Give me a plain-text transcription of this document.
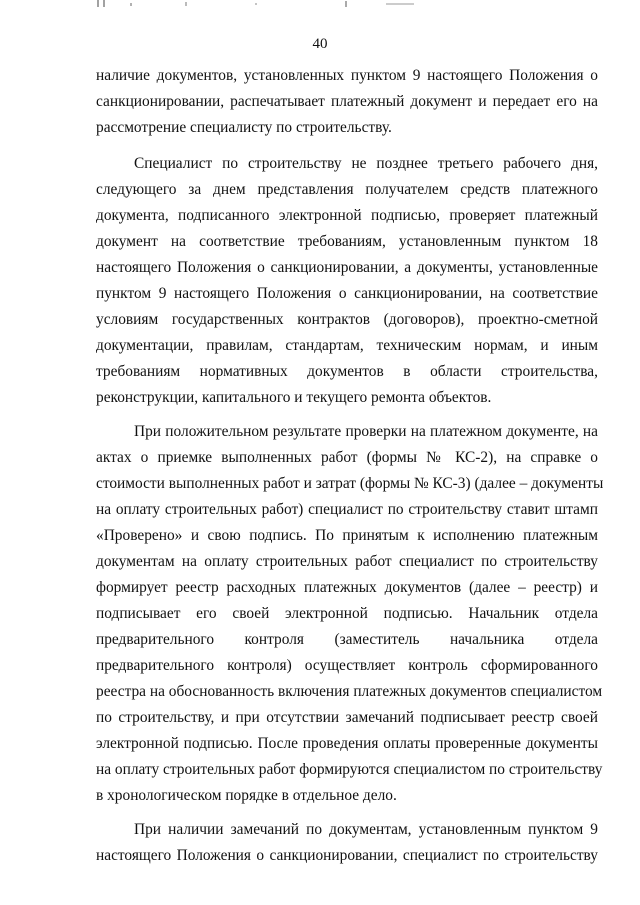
40
наличие документов, установленных пунктом 9 настоящего Положения о
санкционировании, распечатывает платежный документ и передает его на
рассмотрение специалисту по строительству.
Специалист по строительству не позднее третьего рабочего дня,
следующего за днем представления получателем средств платежного
документа, подписанного электронной подписью, проверяет платежный
документ на соответствие требованиям, установленным пунктом 18
настоящего Положения о санкционировании, а документы, установленные
пунктом 9 настоящего Положения о санкционировании, на соответствие
условиям государственных контрактов (договоров), проектно-сметной
документации, правилам, стандартам, техническим нормам, и иным
требованиям нормативных документов в области строительства,
реконструкции, капитального и текущего ремонта объектов.
При положительном результате проверки на платежном документе, на
актах о приемке выполненных работ (формы № КС-2), на справке о
стоимости выполненных работ и затрат (формы № КС-3) (далее – документы
на оплату строительных работ) специалист по строительству ставит штамп
«Проверено» и свою подпись. По принятым к исполнению платежным
документам на оплату строительных работ специалист по строительству
формирует реестр расходных платежных документов (далее – реестр) и
подписывает его своей электронной подписью. Начальник отдела
предварительного контроля (заместитель начальника отдела
предварительного контроля) осуществляет контроль сформированного
реестра на обоснованность включения платежных документов специалистом
по строительству, и при отсутствии замечаний подписывает реестр своей
электронной подписью. После проведения оплаты проверенные документы
на оплату строительных работ формируются специалистом по строительству
в хронологическом порядке в отдельное дело.
При наличии замечаний по документам, установленным пунктом 9
настоящего Положения о санкционировании, специалист по строительству
